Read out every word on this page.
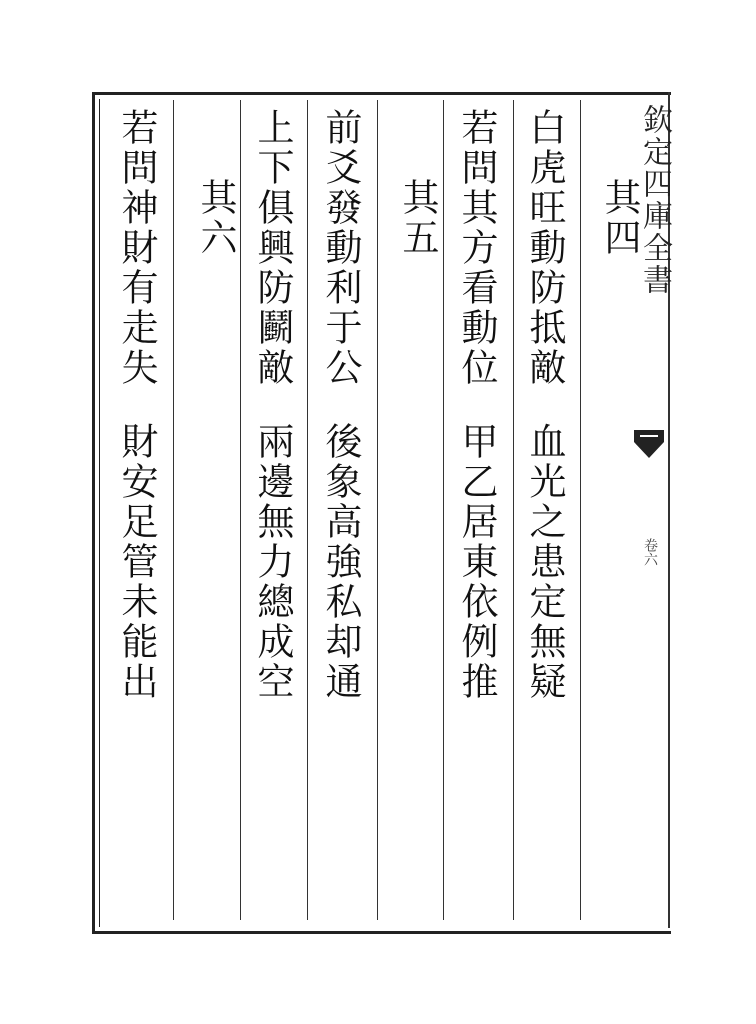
其四
白虎旺動防抵敵血光之患定無疑
若問其方看動位甲乙居東依例推
其五
前爻發動利于公後象高強私却通
上下俱興防鬬敵兩邊無力總成空
其六
若問神財有走失財安足管未能出
欽定四庫全書
卷六
